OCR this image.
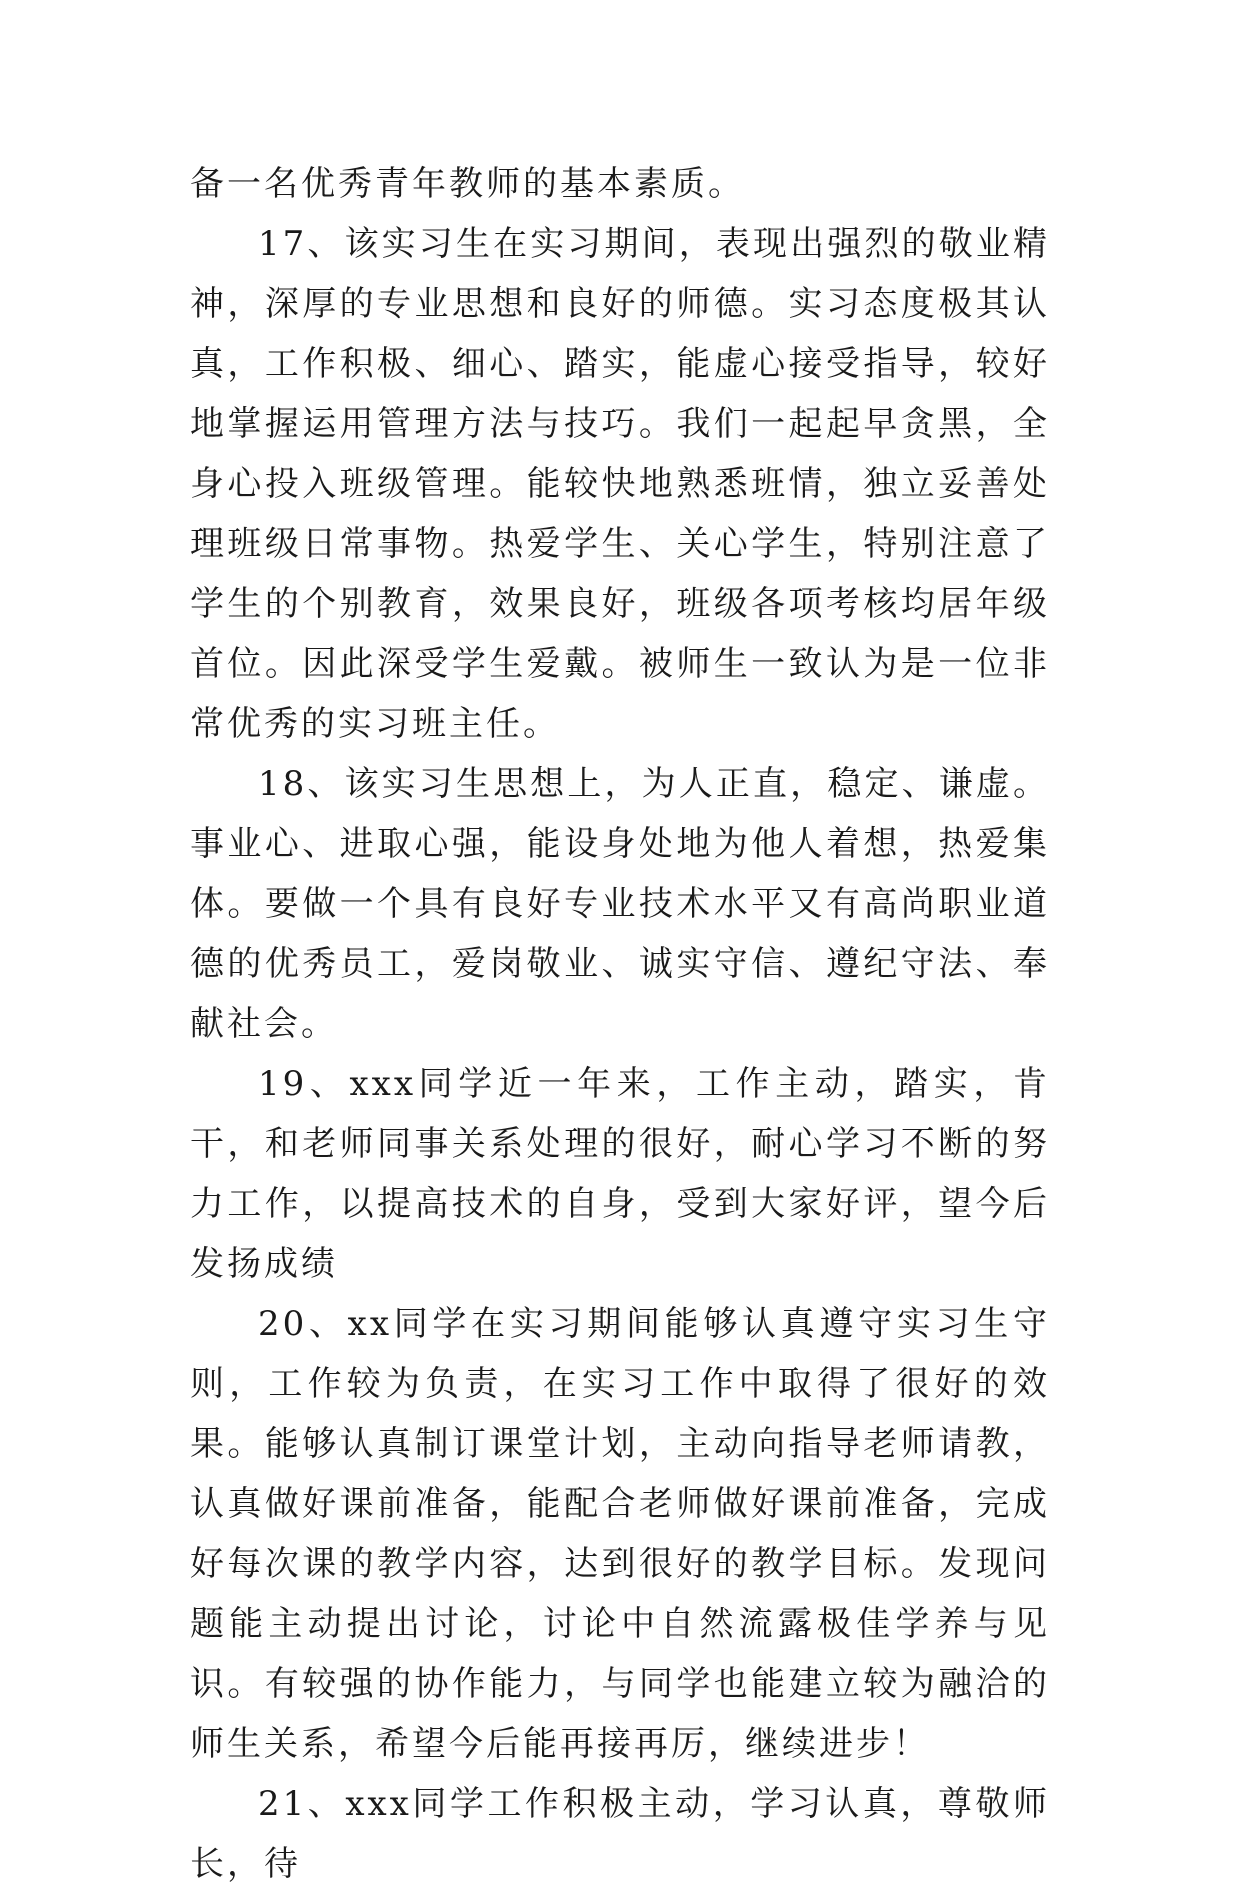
备一名优秀青年教师的基本素质。

17、该实习生在实习期间，表现出强烈的敬业精神，深厚的专业思想和良好的师德。实习态度极其认真，工作积极、细心、踏实，能虚心接受指导，较好地掌握运用管理方法与技巧。我们一起起早贪黑，全身心投入班级管理。能较快地熟悉班情，独立妥善处理班级日常事物。热爱学生、关心学生，特别注意了学生的个别教育，效果良好，班级各项考核均居年级首位。因此深受学生爱戴。被师生一致认为是一位非常优秀的实习班主任。

18、该实习生思想上，为人正直，稳定、谦虚。事业心、进取心强，能设身处地为他人着想，热爱集体。要做一个具有良好专业技术水平又有高尚职业道德的优秀员工，爱岗敬业、诚实守信、遵纪守法、奉献社会。

19、xxx同学近一年来，工作主动，踏实，肯干，和老师同事关系处理的很好，耐心学习不断的努力工作，以提高技术的自身，受到大家好评，望今后发扬成绩

20、xx同学在实习期间能够认真遵守实习生守则，工作较为负责，在实习工作中取得了很好的效果。能够认真制订课堂计划，主动向指导老师请教，认真做好课前准备，能配合老师做好课前准备，完成好每次课的教学内容，达到很好的教学目标。发现问题能主动提出讨论，讨论中自然流露极佳学养与见识。有较强的协作能力，与同学也能建立较为融洽的师生关系，希望今后能再接再厉，继续进步！

21、xxx同学工作积极主动，学习认真，尊敬师长，待
